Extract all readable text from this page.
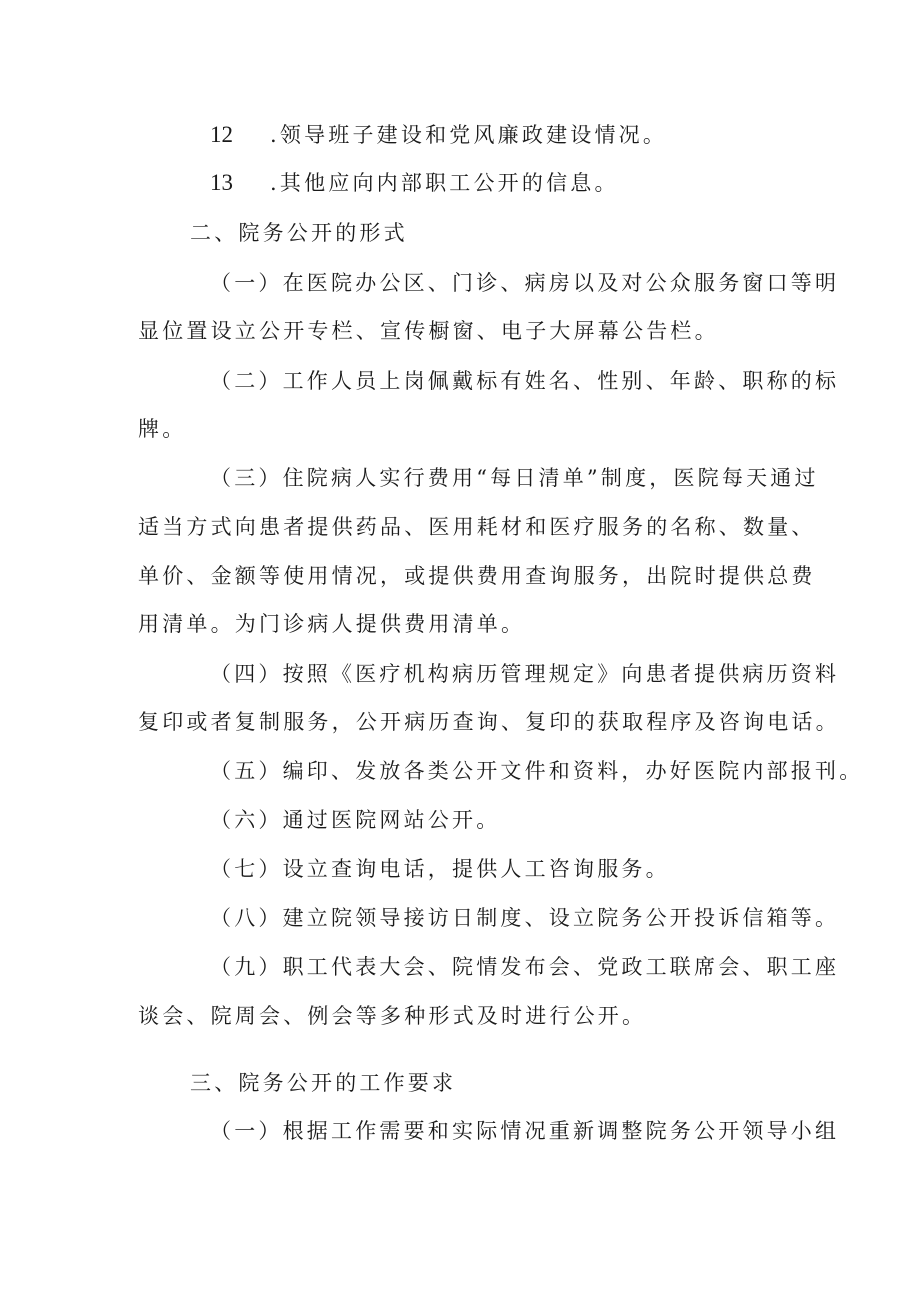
12 .领导班子建设和党风廉政建设情况。
13 .其他应向内部职工公开的信息。
二、院务公开的形式
（一）在医院办公区、门诊、病房以及对公众服务窗口等明
显位置设立公开专栏、宣传橱窗、电子大屏幕公告栏。
（二）工作人员上岗佩戴标有姓名、性别、年龄、职称的标
牌。
（三）住院病人实行费用“每日清单”制度，医院每天通过
适当方式向患者提供药品、医用耗材和医疗服务的名称、数量、
单价、金额等使用情况，或提供费用查询服务，出院时提供总费
用清单。为门诊病人提供费用清单。
（四）按照《医疗机构病历管理规定》向患者提供病历资料
复印或者复制服务，公开病历查询、复印的获取程序及咨询电话。
（五）编印、发放各类公开文件和资料，办好医院内部报刊。
（六）通过医院网站公开。
（七）设立查询电话，提供人工咨询服务。
（八）建立院领导接访日制度、设立院务公开投诉信箱等。
（九）职工代表大会、院情发布会、党政工联席会、职工座
谈会、院周会、例会等多种形式及时进行公开。
三、院务公开的工作要求
（一）根据工作需要和实际情况重新调整院务公开领导小组
